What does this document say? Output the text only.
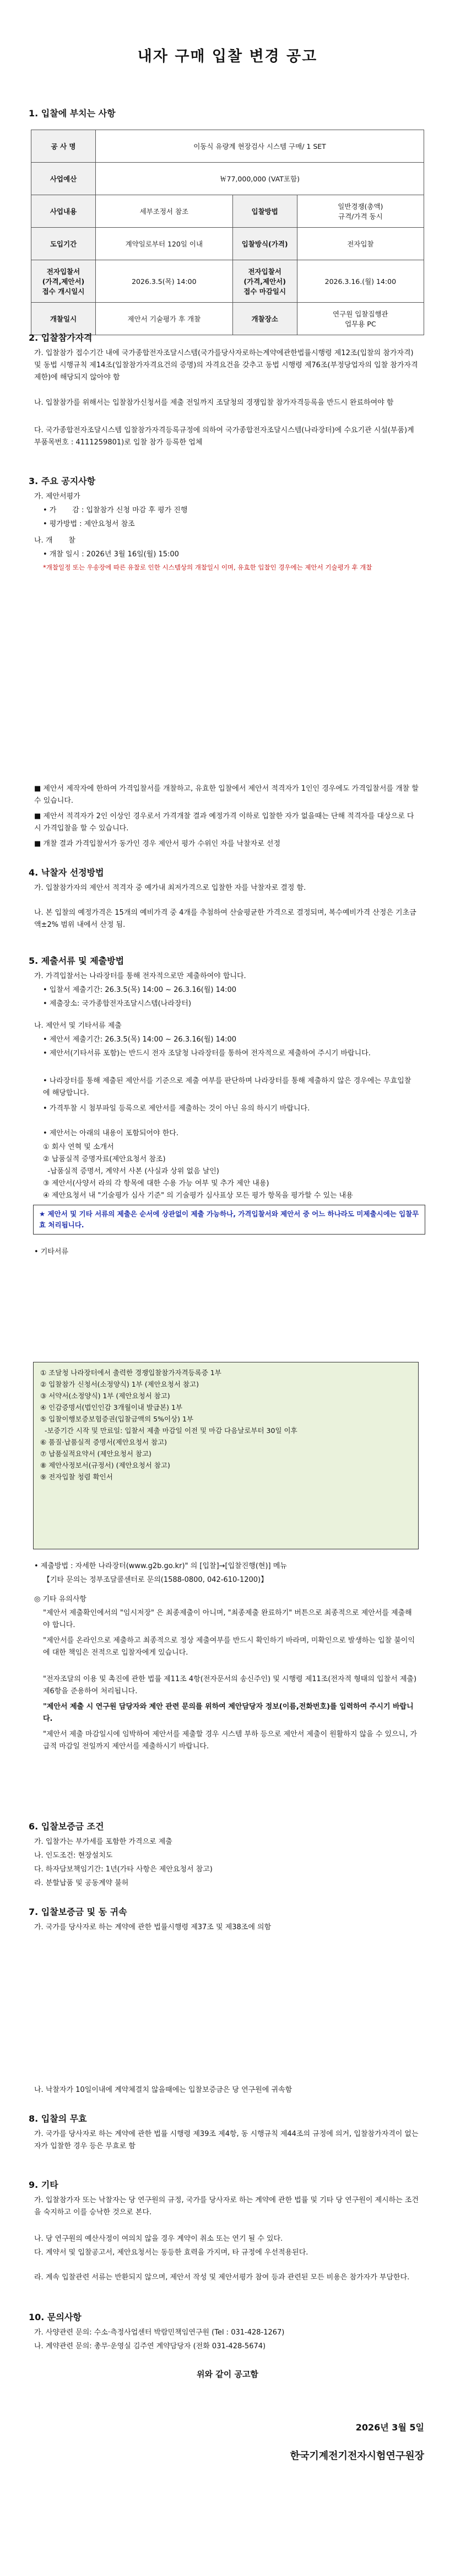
내자 구매 입찰 변경 공고
1. 입찰에 부치는 사항
공 사 명	이동식 유량계 현장검사 시스템 구매/ 1 SET		
사업예산	￦77,000,000 (VAT포함)		
사업내용	세부조정서 참조	입찰방법	일반경쟁(총액)
규격/가격 동시
도입기간	계약일로부터 120일 이내	입찰방식(가격)	전자입찰
전자입찰서
(가격,제안서)
접수 개시일시	2026.3.5(목) 14:00	전자입찰서
(가격,제안서)
접수 마감일시	2026.3.16.(월) 14:00
개찰일시	제안서 기술평가 후 개찰	개찰장소	연구원 입찰집행관
업무용 PC
2. 입찰참가자격
가. 입찰참가 접수기간 내에 국가종합전자조달시스템(국가를당사자로하는계약에관한법률시행령 제12조(입찰의 참가자격) 및 동법 시행규칙 제14조(입찰참가자격요건의 증명)의 자격요건을 갖추고 동법 시행령 제76조(부정당업자의 입찰 참가자격 제한)에 해당되지 않아야 함
나. 입찰참가를 위해서는 입찰참가신청서를 제출 전일까지 조달청의 경쟁입찰 참가자격등록을 반드시 완료하여야 함
다. 국가종합전자조달시스템 입찰참가자격등록규정에 의하여 국가종합전자조달시스템(나라장터)에 수요기관 시설(부품)계부품목번호 : 4111259801)로 입찰 참가 등록한 업체
3. 주요 공지사항
가. 제안서평가
• 가       감 : 입찰참가 신청 마감 후 평가 진행
• 평가방법 : 제안요청서 참조
나. 개       찰
• 개찰 일시 : 2026년 3월 16일(월) 15:00
*개찰일정 또는 우송장에 따른 유찰로 인한 시스템상의 개찰일시 이며, 유효한 입찰인 경우에는 제안서 기술평가 후 개찰
■ 제안서 제작자에 한하여 가격입찰서를 개찰하고, 유효한 입찰에서 제안서 적격자가 1인인 경우에도 가격입찰서를 개찰 할 수 있습니다.
■ 제안서 적격자가 2인 이상인 경우로서 가격개찰 결과 예정가격 이하로 입찰한 자가 없을때는 단해 적격자를 대상으로 다시 가격입찰을 할 수 있습니다.
■ 개찰 결과 가격입찰서가 동가인 경우 제안서 평가 수위인 자를 낙찰자로 선정
4. 낙찰자 선정방법
가. 입찰참가자의 제안서 적격자 중 예가내 최저가격으로 입찰한 자를 낙찰자로 결정 함.
나. 본 입찰의 예정가격은 15개의 예비가격 중 4개를 추첨하여 산술평균한 가격으로 결정되며, 복수예비가격 산정은 기초금액±2% 범위 내에서 산정 됨.
5. 제출서류 및 제출방법
가. 가격입찰서는 나라장터를 통해 전자적으로만 제출하여야 합니다.
• 입찰서 제출기간: 26.3.5(목) 14:00 ~ 26.3.16(월) 14:00
• 제출장소: 국가종합전자조달시스템(나라장터)
나. 제안서 및 기타서류 제출
• 제안서 제출기간: 26.3.5(목) 14:00 ~ 26.3.16(월) 14:00
• 제안서(기타서류 포함)는 반드시 전자 조달청 나라장터를 통하여 전자적으로 제출하여 주시기 바랍니다.
• 나라장터를 통해 제출된 제안서를 기준으로 제출 여부를 판단하며 나라장터를 통해 제출하지 않은 경우에는 무효입찰에 해당합니다.
• 가격투찰 시 첨부파일 등록으로 제안서를 제출하는 것이 아닌 유의 하시기 바랍니다.
• 제안서는 아래의 내용이 포함되어야 한다.
① 회사 연혁 및 소개서
② 납품실적 증명자료(제안요청서 참조)
-납품실적 증명서, 계약서 사본 (사실과 상위 없음 날인)
③ 제안서(사양서 라의 각 항목에 대한 수용 가능 여부 및 추가 제안 내용)
④ 제안요청서 내 "기술평가 심사 기준" 의 기술평가 심사표상 모든 평가 항목을 평가할 수 있는 내용
★ 제안서 및 기타 서류의 제출은 순서에 상관없이 제출 가능하나, 가격입찰서와 제안서 중 어느 하나라도 미제출시에는 입찰무효 처리됩니다.
• 기타서류
① 조달청 나라장터에서 출력한 경쟁입찰참가자격등록증 1부
② 입찰참가 신청서(소정양식) 1부 (제안요청서 참고)
③ 서약서(소정양식) 1부 (제안요청서 참고)
④ 인감증명서(법인인감 3개월이내 발급본) 1부
⑤ 입찰이행보증보험증권(입찰금액의 5%이상) 1부
-보증기간 시작 및 만료일: 입찰서 제출 마감일 이전 및 마감 다음날로부터 30일 이후
⑥ 품질·납품실적 증명서(제안요청서 참고)
⑦ 납품실적요약서 (제안요청서 참고)
⑧ 제안사정보서(규정서) (제안요청서 참고)
⑨ 전자입찰 청렴 확인서
• 제출방법 : 자세한 나라장터(www.g2b.go.kr)" 의 [입찰]→[입찰진행(현)] 메뉴
【기타 문의는 정부조달콜센터로 문의(1588-0800, 042-610-1200)】
◎ 기타 유의사항
"제안서 제출확인에서의 "임시저장" 은 최종제출이 아니며, "최종제출 완료하기" 버튼으로 최종적으로 제안서를 제출해야 합니다.
"제안서를 온라인으로 제출하고 최종적으로 정상 제출여부를 반드시 확인하기 바라며, 미확인으로 발생하는 입찰 불이익에 대한 책임은 전적으로 입찰자에게 있습니다.
"전자조달의 이용 및 촉진에 관한 법률 제11조 4항(전자문서의 송신주인) 및 시행령 제11조(전자적 형태의 입찰서 제출) 제6항을 준용하여 처리됩니다.
"제안서 제출 시 연구원 담당자와 제안 관련 문의를 위하여 제안담당자 정보(이름,전화번호)를 입력하여 주시기 바랍니다.
"제안서 제출 마감일시에 임박하여 제안서를 제출할 경우 시스템 부하 등으로 제안서 제출이 원활하지 않을 수 있으니, 가급적 마감일 전일까지 제안서를 제출하시기 바랍니다.
6. 입찰보증금 조건
가. 입찰가는 부가세를 포함한 가격으로 제출
나. 인도조건: 현장설치도
다. 하자담보책임기간: 1년(가타 사항은 제안요청서 참고)
라. 분할납품 및 공동계약 불허
7. 입찰보증금 및 동 귀속
가. 국가를 당사자로 하는 계약에 관한 법률시행령 제37조 및 제38조에 의함
나. 낙찰자가 10일이내에 계약체결치 않을때에는 입찰보증금은 당 연구원에 귀속함
8. 입찰의 무효
가. 국가를 당사자로 하는 계약에 관한 법률 시행령 제39조 제4항, 동 시행규칙 제44조의 규정에 의거, 입찰참가자격이 없는 자가 입찰한 경우 등은 무효로 함
9. 기타
가. 입찰참가자 또는 낙찰자는 당 연구원의 규정, 국가를 당사자로 하는 계약에 관한 법률 및 기타 당 연구원이 제시하는 조건을 숙지하고 이를 승낙한 것으로 본다.
나. 당 연구원의 예산사정이 여의치 않을 경우 계약이 취소 또는 연기 될 수 있다.
다. 계약서 및 입찰공고서, 제안요청서는 동등한 효력을 가지며, 타 규정에 우선적용된다.
라. 계속 입찰관련 서류는 반환되지 않으며, 제안서 작성 및 제안서평가 참여 등과 관련된 모든 비용은 참가자가 부담한다.
10. 문의사항
가. 사양관련 문의: 수소·측정사업센터 박람민책임연구원 (Tel : 031-428-1267)
나. 계약관련 문의: 총무·운영실 김주연 계약담당자 (전화 031-428-5674)
위와 같이 공고함
2026년 3월 5일
한국기계전기전자시험연구원장
